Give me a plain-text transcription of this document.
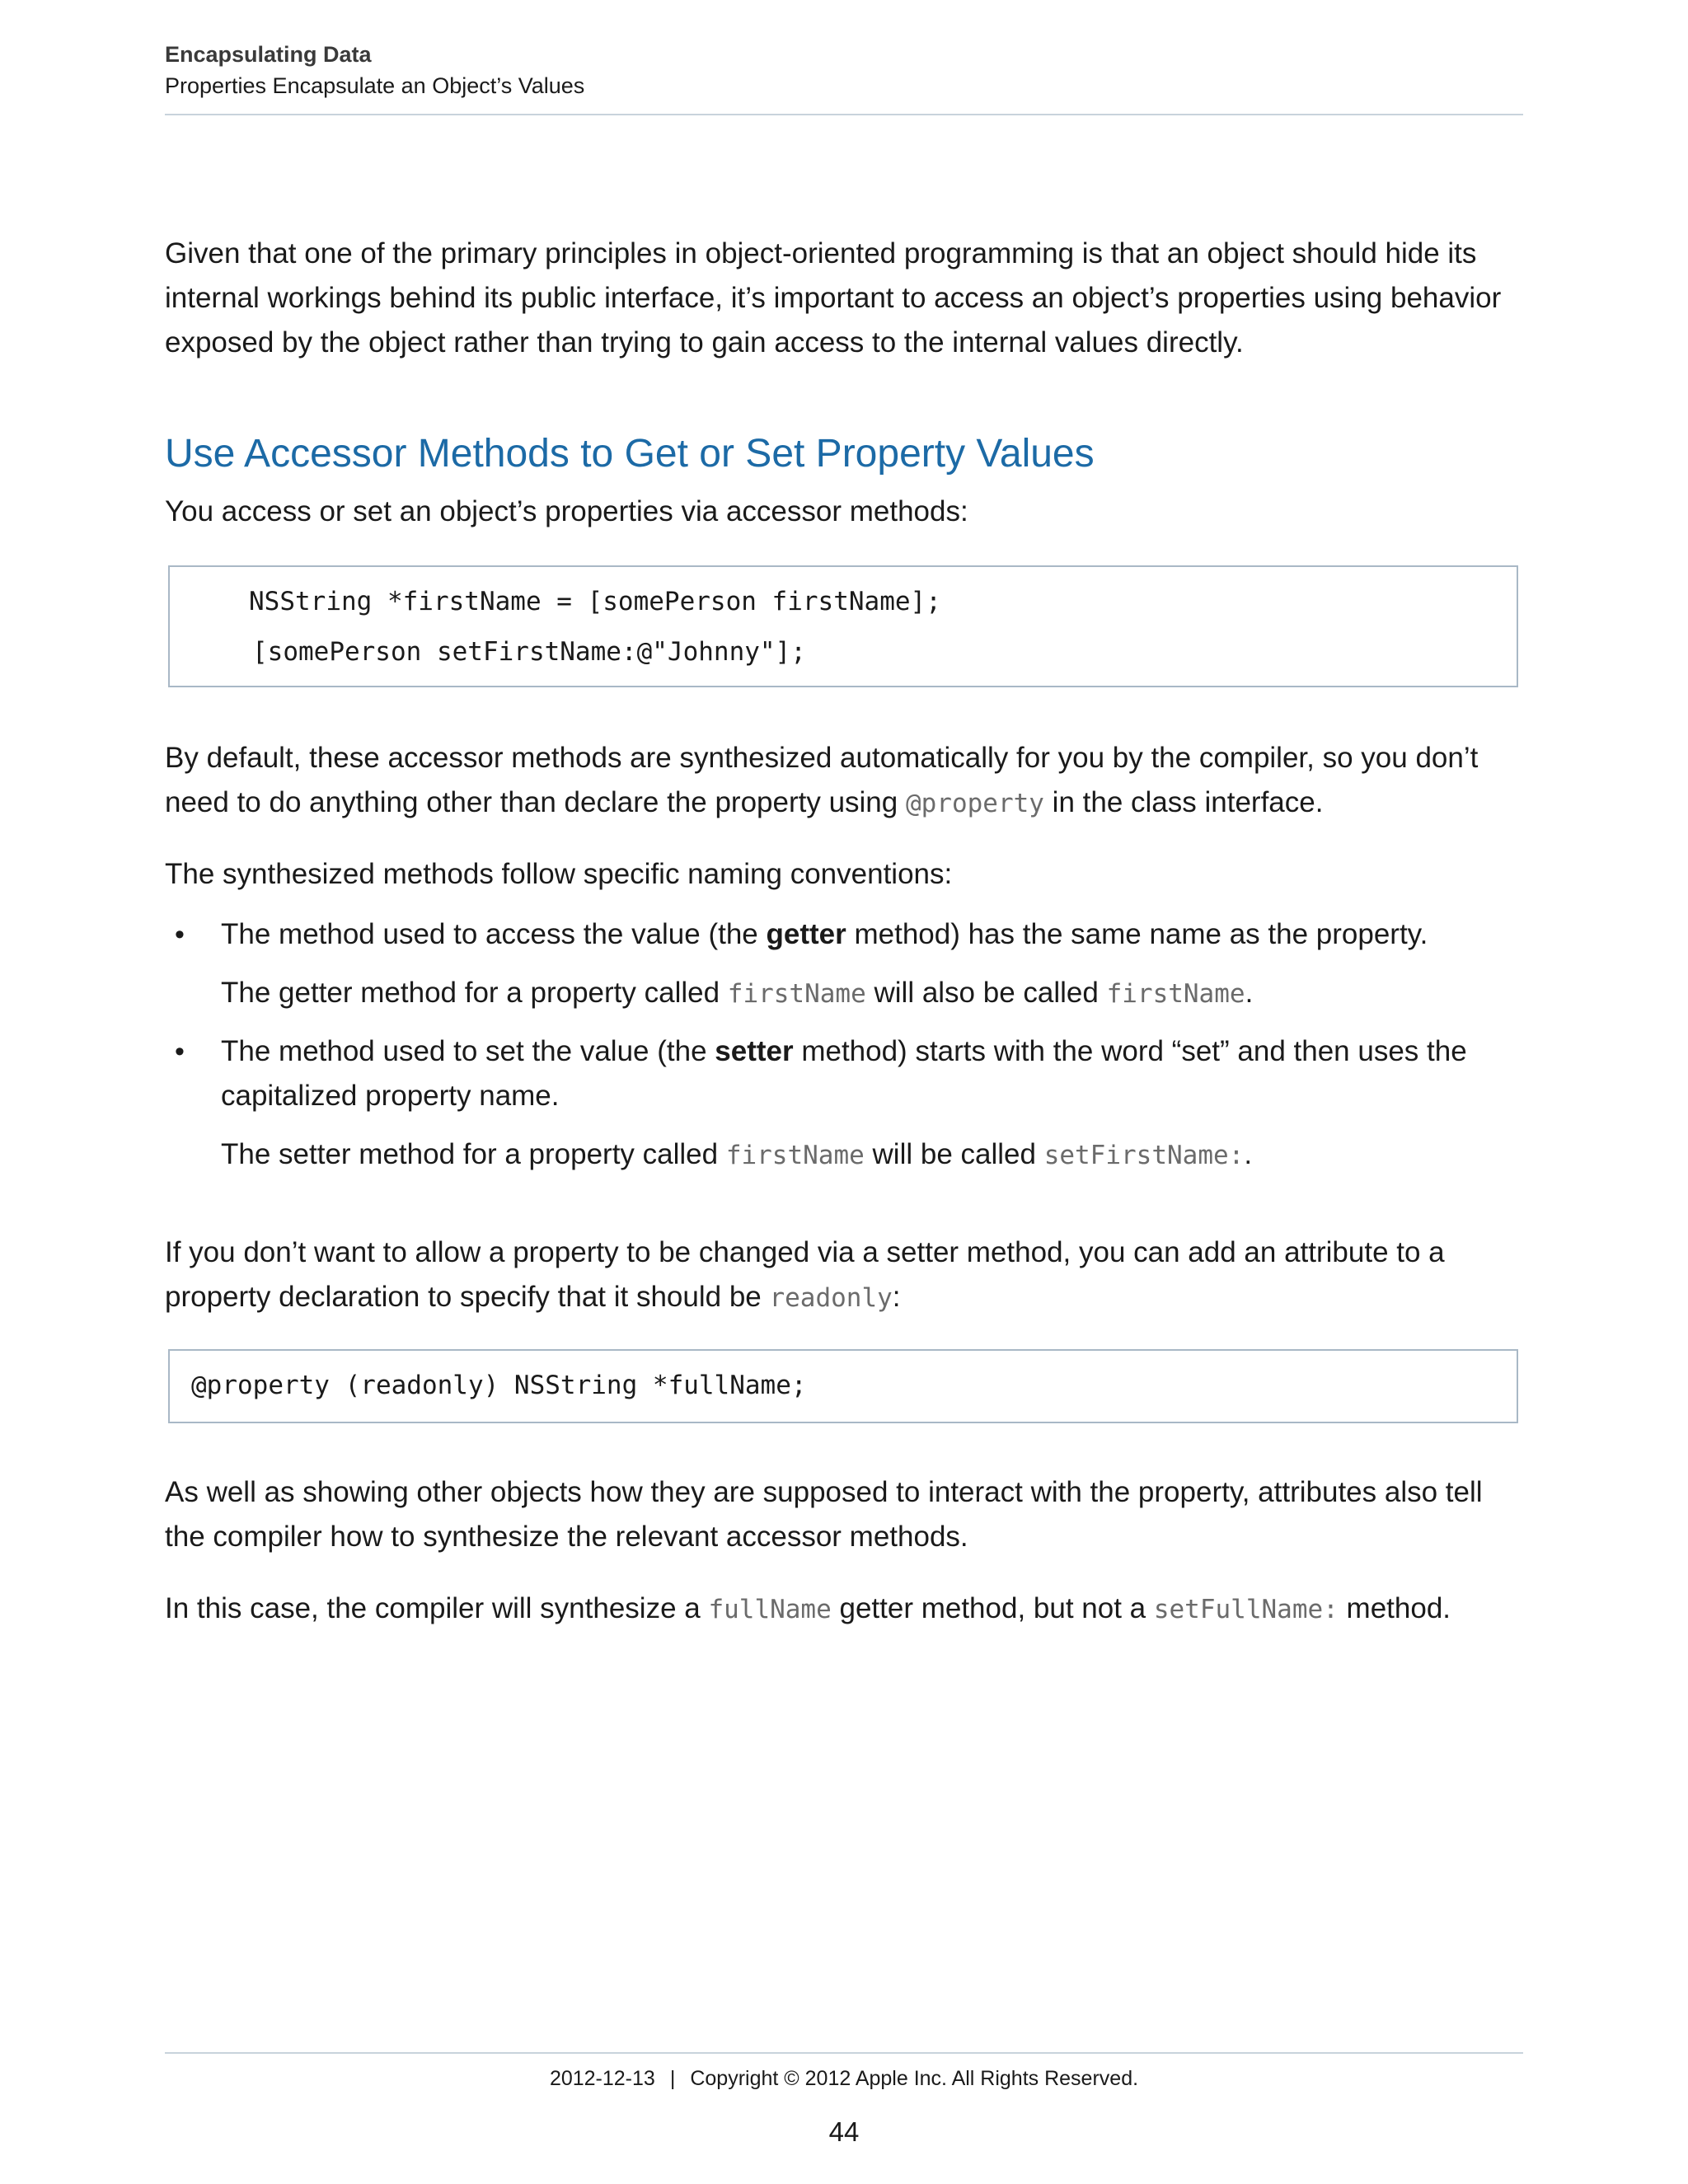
Encapsulating Data
Properties Encapsulate an Object’s Values

Given that one of the primary principles in object-oriented programming is that an object should hide its internal workings behind its public interface, it’s important to access an object’s properties using behavior exposed by the object rather than trying to gain access to the internal values directly.

Use Accessor Methods to Get or Set Property Values

You access or set an object’s properties via accessor methods:

NSString *firstName = [somePerson firstName];
[somePerson setFirstName:@"Johnny"];

By default, these accessor methods are synthesized automatically for you by the compiler, so you don’t need to do anything other than declare the property using @property in the class interface.

The synthesized methods follow specific naming conventions:

• The method used to access the value (the getter method) has the same name as the property.

The getter method for a property called firstName will also be called firstName.

• The method used to set the value (the setter method) starts with the word “set” and then uses the capitalized property name.

The setter method for a property called firstName will be called setFirstName:.

If you don’t want to allow a property to be changed via a setter method, you can add an attribute to a property declaration to specify that it should be readonly:

@property (readonly) NSString *fullName;

As well as showing other objects how they are supposed to interact with the property, attributes also tell the compiler how to synthesize the relevant accessor methods.

In this case, the compiler will synthesize a fullName getter method, but not a setFullName: method.

2012-12-13 | Copyright © 2012 Apple Inc. All Rights Reserved.
44
